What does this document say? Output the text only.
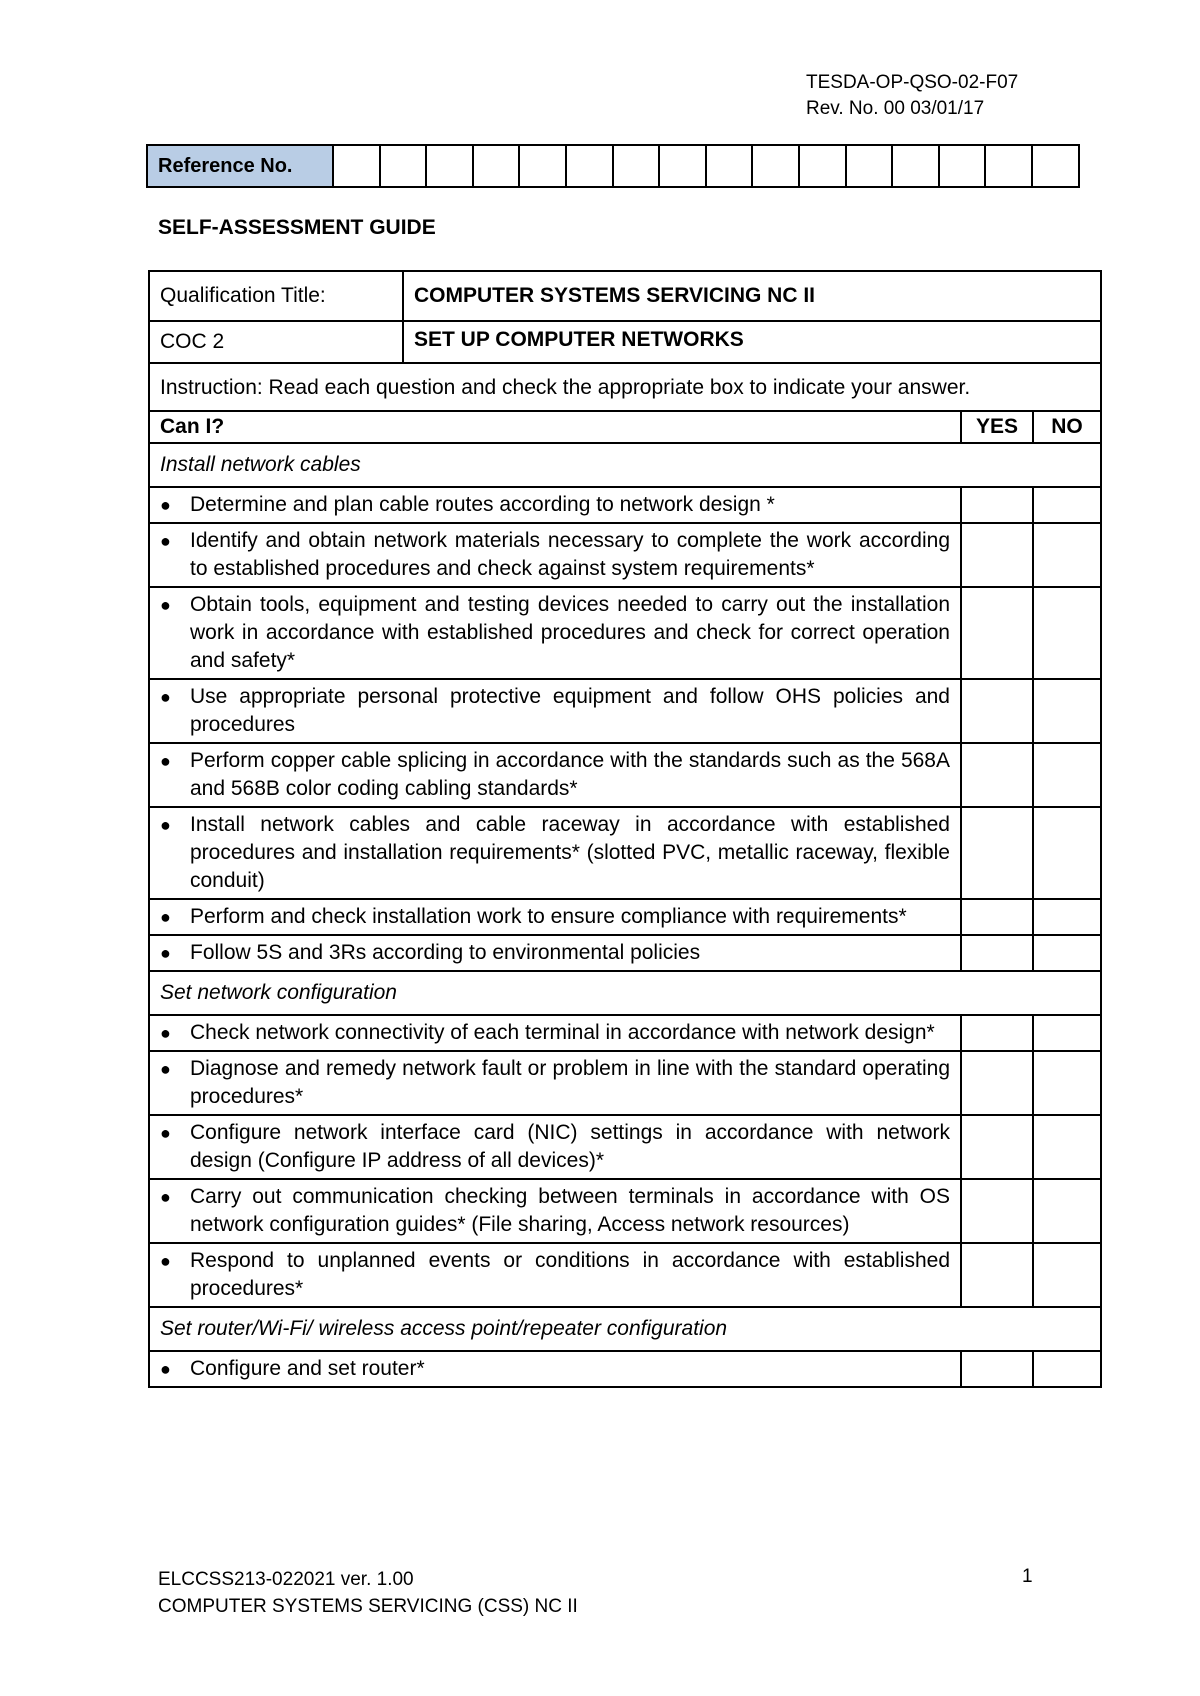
TESDA-OP-QSO-02-F07
Rev. No. 00 03/01/17
Reference No.																
SELF-ASSESSMENT GUIDE
Qualification Title:	COMPUTER SYSTEMS SERVICING NC II		
COC 2	SET UP COMPUTER NETWORKS		
Instruction: Read each question and check the appropriate box to indicate your answer.			
Can I?		YES	NO
Install network cables			

● Determine and plan cable routes according to network design *			

● Identify and obtain network materials necessary to complete the work according to established procedures and check against system requirements*			

● Obtain tools, equipment and testing devices needed to carry out the installation work in accordance with established procedures and check for correct operation and safety*			

● Use appropriate personal protective equipment and follow OHS policies and procedures			

● Perform copper cable splicing in accordance with the standards such as the 568A and 568B color coding cabling standards*			

● Install network cables and cable raceway in accordance with established procedures and installation requirements* (slotted PVC, metallic raceway, flexible conduit)			

● Perform and check installation work to ensure compliance with requirements*			

● Follow 5S and 3Rs according to environmental policies			

Set network configuration			

● Check network connectivity of each terminal in accordance with network design*			

● Diagnose and remedy network fault or problem in line with the standard operating procedures*			

● Configure network interface card (NIC) settings in accordance with network design (Configure IP address of all devices)*			

● Carry out communication checking between terminals in accordance with OS network configuration guides* (File sharing, Access network resources)			

● Respond to unplanned events or conditions in accordance with established procedures*			

Set router/Wi-Fi/ wireless access point/repeater configuration			

● Configure and set router*			

ELCCSS213-022021 ver. 1.00
COMPUTER SYSTEMS SERVICING (CSS) NC II
1
